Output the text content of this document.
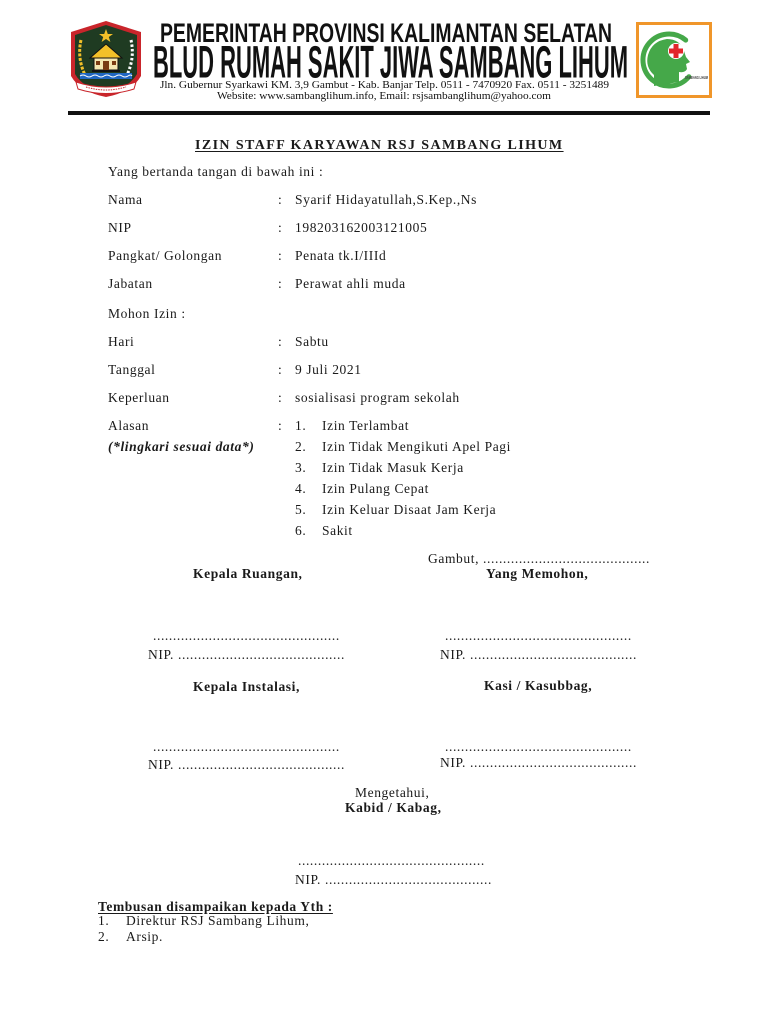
PEMERINTAH PROVINSI KALIMANTAN SELATAN
BLUD RUMAH SAKIT JIWA SAMBANG LIHUM
Jln. Gubernur Syarkawi KM. 3,9 Gambut - Kab. Banjar Telp. 0511 - 7470920 Fax. 0511 - 3251489
Website: www.sambanglihum.info, Email: rsjsambanglihum@yahoo.com
SAMBANG LIHUM
IZIN STAFF KARYAWAN RSJ SAMBANG LIHUM
Yang bertanda tangan di bawah ini :
Nama	: Syarif Hidayatullah,S.Kep.,Ns
NIP	: 198203162003121005
Pangkat/ Golongan	: Penata tk.I/IIId
Jabatan	: Perawat ahli muda
Mohon Izin :
Hari	: Sabtu
Tanggal	: 9 Juli 2021
Keperluan	: sosialisasi program sekolah
Alasan	: 1. Izin Terlambat
(*lingkari sesuai data*)	2. Izin Tidak Mengikuti Apel Pagi
3. Izin Tidak Masuk Kerja
4. Izin Pulang Cepat
5. Izin Keluar Disaat Jam Kerja
6. Sakit
Gambut, ..........................................
Kepala Ruangan,
...............................................
NIP. ..........................................
Yang Memohon,
...............................................
NIP. ..........................................
Kepala Instalasi,
...............................................
NIP. ..........................................
Kasi / Kasubbag,
...............................................
NIP. ..........................................
Mengetahui,
Kabid / Kabag,
...............................................
NIP. ..........................................
Tembusan disampaikan kepada Yth :
1. Direktur RSJ Sambang Lihum,
2. Arsip.
